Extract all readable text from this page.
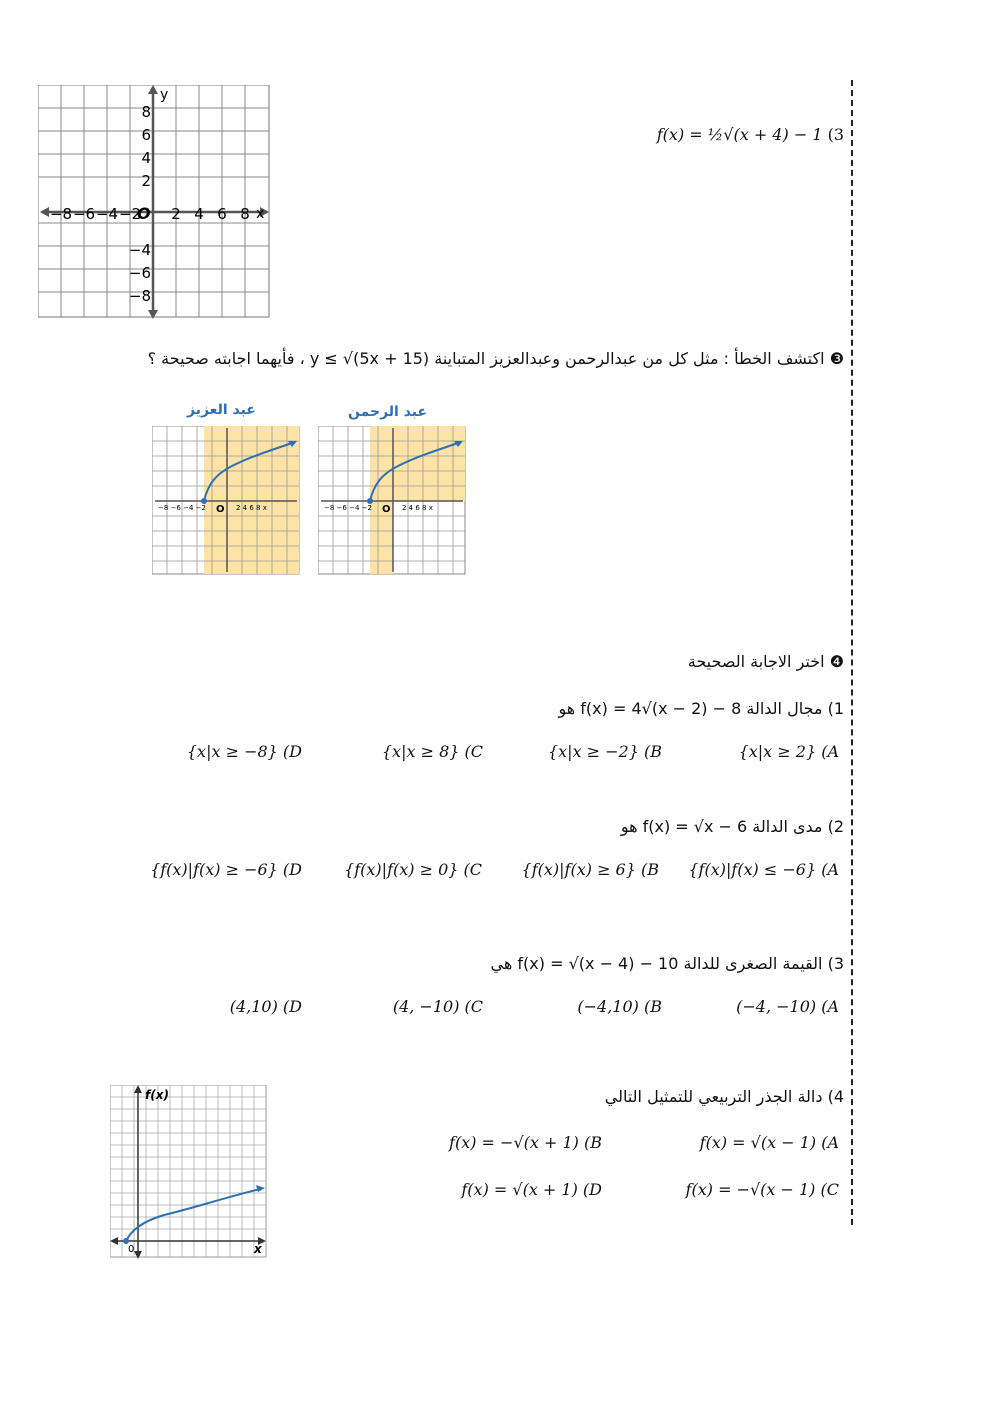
f(x) = ½√(x + 4) − 1 (3
y
x
O
8
6
4
2
−4
−6
−8
−8 −6 −4 −2 2 4 6 8
❸ اكتشف الخطأ : مثل كل من عبدالرحمن وعبدالعزيز المتباينة y ≤ √(5x + 15) ، فأيهما اجابته صحيحة ؟
عبد العزيز	عبد الرحمن
−8 −6 −4 −2 O 2 4 6 8 x	−8 −6 −4 −2 O 2 4 6 8 x
❹ اختر الاجابة الصحيحة
1) مجال الدالة f(x) = 4√(x − 2) − 8 هو
{x|x ≥ 2} (A
{x|x ≥ −2} (B
{x|x ≥ 8} (C
{x|x ≥ −8} (D
2) مدى الدالة f(x) = √x − 6 هو
{f(x)|f(x) ≤ −6} (A
{f(x)|f(x) ≥ 6} (B
{f(x)|f(x) ≥ 0} (C
{f(x)|f(x) ≥ −6} (D
3) القيمة الصغرى للدالة f(x) = √(x − 4) − 10 هي
(−4, −10) (A
(−4,10) (B
(4, −10) (C
(4,10) (D
4) دالة الجذر التربيعي للتمثيل التالي
f(x) = √(x − 1) (A
f(x) = −√(x + 1) (B
f(x) = −√(x − 1) (C
f(x) = √(x + 1) (D
f(x)
x
0
